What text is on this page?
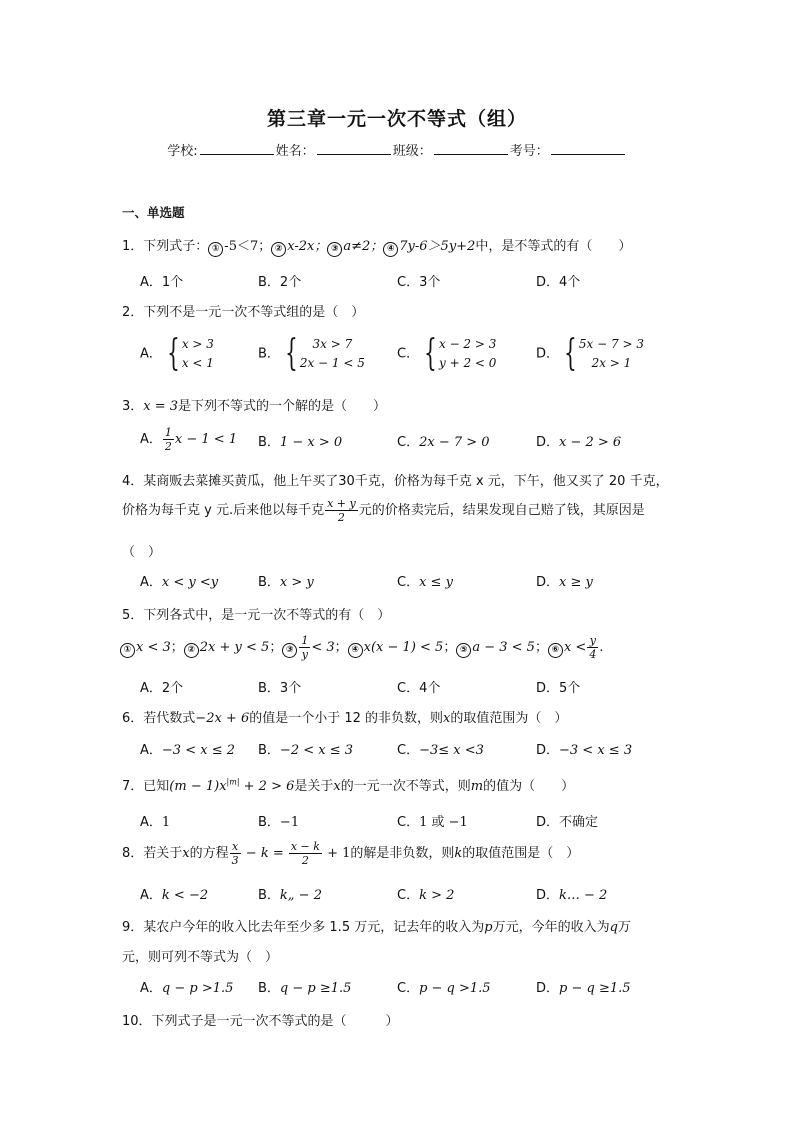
第三章一元一次不等式（组）
学校:	姓名：	班级：	考号：
一、单选题
1．下列式子： ① -5＜7； ② x-2x； ③ a≠2； ④ 7y-6＞5y+2中，是不等式的有（　　）
A．1个	B．2个	C．3个	D．4个
2．下列不是一元一次不等式组的是（　）
A． { x > 3
x < 1
B． {	3x > 7
2x − 1 < 5
C． { x − 2 > 3
y + 2 < 0
D． { 5x − 7 > 3
2x > 1
3．x = 3是下列不等式的一个解的是（　　）
A． $\frac{1}{2}$ x − 1 < 1 B．1 − x > 0	C．2x − 7 > 0	D．x − 2 > 6
4．某商贩去菜摊买黄瓜，他上午买了30千克，价格为每千克 x 元，下午，他又买了 20 千克，
价格为每千克 y 元.后来他以每千克 $\frac{x + y}{2}$ 元的价格卖完后，结果发现自己赔了钱，其原因是
（　）
A．x < y <y	B．x > y	C．x ≤ y	D．x ≥ y
5．下列各式中，是一元一次不等式的有（　）
① x < 3； ② 2x + y < 5； ③ $\frac{1}{y} < 3$； ④ x(x − 1) < 5； ⑤ a − 3 < 5； ⑥ $x < \frac{y}{4}$ .
A．2个	B．3个	C．4个	D．5个
6．若代数式−2x + 6的值是一个小于 12 的非负数，则x的取值范围为（　）
A．−3 < x ≤ 2 B．−2 < x ≤ 3	C．−3≤ x <3	D．−3 < x ≤ 3
7．已知$(m - 1)x^{|m|} + 2 > 6$是关于x的一元一次不等式，则m的值为（　　）
A．1	B．−1	C．1 或 −1	D．不确定
8．若关于x的方程 $\frac{x}{3} - k = \frac{x - k}{2} + 1$的解是非负数，则k的取值范围是（　）
A．k < −2	B．k„ − 2	C．k > 2	D．k… − 2
9．某农户今年的收入比去年至少多 1.5 万元，记去年的收入为p万元，今年的收入为q万
元，则可列不等式为（　）
A．q − p >1.5 B．q − p ≥1.5	C．p − q >1.5	D．p − q ≥1.5
10．下列式子是一元一次不等式的是（　　　）
